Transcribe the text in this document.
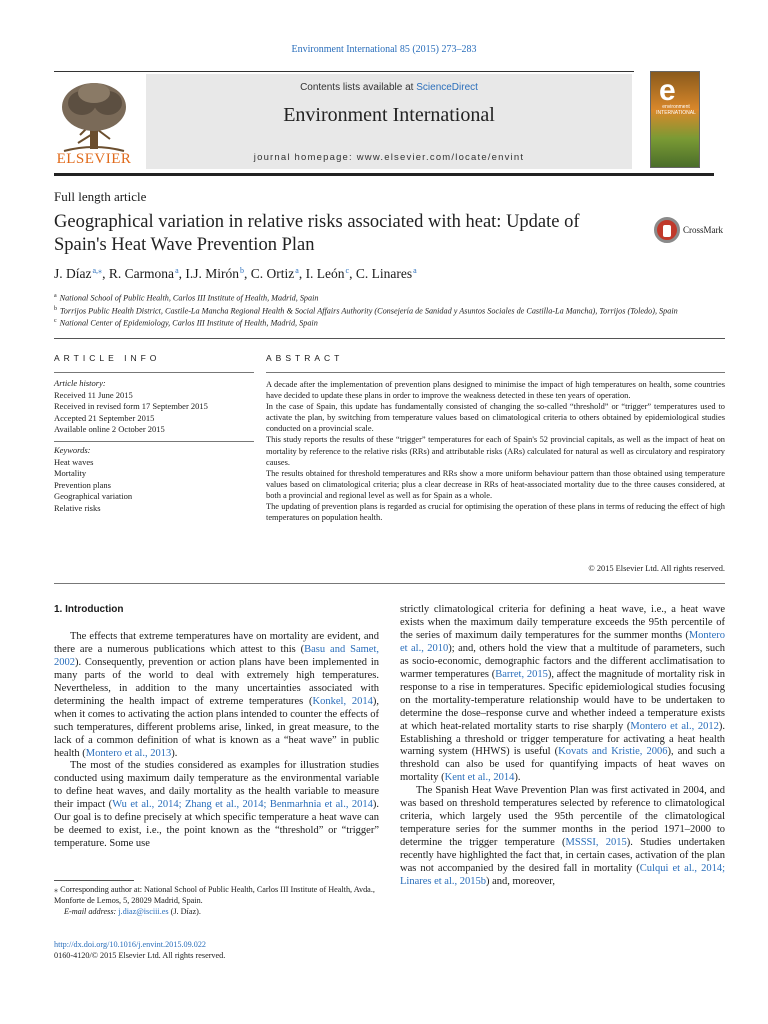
Environment International 85 (2015) 273–283
ELSEVIER
Contents lists available at ScienceDirect
Environment International
journal homepage: www.elsevier.com/locate/envint
e
environment INTERNATIONAL
Full length article
Geographical variation in relative risks associated with heat: Update of Spain's Heat Wave Prevention Plan
CrossMark
J. Díaz$^{a,⁎}$, R. Carmona$^a$, I.J. Mirón$^b$, C. Ortiz$^a$, I. León$^c$, C. Linares$^a$
$^a$ National School of Public Health, Carlos III Institute of Health, Madrid, Spain
$^b$ Torrijos Public Health District, Castile-La Mancha Regional Health & Social Affairs Authority (Consejería de Sanidad y Asuntos Sociales de Castilla-La Mancha), Torrijos (Toledo), Spain
$^c$ National Center of Epidemiology, Carlos III Institute of Health, Madrid, Spain
ARTICLE INFO	ABSTRACT
Article history:
Received 11 June 2015
Received in revised form 17 September 2015
Accepted 21 September 2015
Available online 2 October 2015
Keywords:
Heat waves
Mortality
Prevention plans
Geographical variation
Relative risks

A decade after the implementation of prevention plans designed to minimise the impact of high temperatures on health, some countries have decided to update these plans in order to improve the weakness detected in these ten years of operation.

In the case of Spain, this update has fundamentally consisted of changing the so-called “threshold” or “trigger” temperatures used to activate the plan, by switching from temperature values based on climatological criteria to others obtained by epidemiological studies conducted on a provincial scale.

This study reports the results of these “trigger” temperatures for each of Spain's 52 provincial capitals, as well as the impact of heat on mortality by reference to the relative risks (RRs) and attributable risks (ARs) calculated for natural as well as circulatory and respiratory causes.

The results obtained for threshold temperatures and RRs show a more uniform behaviour pattern than those obtained using temperature values based on climatological criteria; plus a clear decrease in RRs of heat-associated mortality due to the three causes considered, at both a provincial and regional level as well as for Spain as a whole.

The updating of prevention plans is regarded as crucial for optimising the operation of these plans in terms of reducing the effect of high temperatures on population health.

© 2015 Elsevier Ltd. All rights reserved.
1. Introduction

The effects that extreme temperatures have on mortality are evident, and there are a numerous publications which attest to this (Basu and Samet, 2002). Consequently, prevention or action plans have been implemented in many parts of the world to deal with extremely high temperatures. Nevertheless, in addition to the many uncertainties associated with determining the health impact of extreme temperatures (Konkel, 2014), when it comes to activating the action plans intended to counter the effects of such temperatures, different problems arise, linked, in great measure, to the lack of a common definition of what is known as a “heat wave” in public health (Montero et al., 2013).

The most of the studies considered as examples for illustration studies conducted using maximum daily temperature as the environmental variable to define heat waves, and daily mortality as the health variable to measure their impact (Wu et al., 2014; Zhang et al., 2014; Benmarhnia et al., 2014). Our goal is to define precisely at which specific temperature a heat wave can be deemed to exist, i.e., the point known as the “threshold” or “trigger” temperature. Some use

strictly climatological criteria for defining a heat wave, i.e., a heat wave exists when the maximum daily temperature exceeds the 95th percentile of the series of maximum daily temperatures for the summer months (Montero et al., 2010); and, others hold the view that a multitude of parameters, such as socio-economic, demographic factors and the different acclimatisation to warmer temperatures (Barret, 2015), affect the magnitude of mortality risk in response to a rise in temperatures. Specific epidemiological studies focusing on the mortality-temperature relationship would have to be undertaken to determine the dose–response curve and whether indeed a temperature exists at which heat-related mortality starts to rise sharply (Montero et al., 2012). Establishing a threshold or trigger temperature for activating a heat health warning system (HHWS) is useful (Kovats and Kristie, 2006), and such a threshold can also be used for quantifying impacts of heat waves on mortality (Kent et al., 2014).

The Spanish Heat Wave Prevention Plan was first activated in 2004, and was based on threshold temperatures selected by reference to climatological criteria, which largely used the 95th percentile of the climatological temperature series for the summer months in the period 1971–2000 to determine the trigger temperature (MSSSI, 2015). Studies undertaken recently have highlighted the fact that, in certain cases, activation of the plan was not accompanied by the desired fall in mortality (Culqui et al., 2014; Linares et al., 2015b) and, moreover,

⁎ Corresponding author at: National School of Public Health, Carlos III Institute of Health, Avda., Monforte de Lemos, 5, 28029 Madrid, Spain.
E-mail address: j.diaz@isciii.es (J. Díaz).
http://dx.doi.org/10.1016/j.envint.2015.09.022
0160-4120/© 2015 Elsevier Ltd. All rights reserved.
